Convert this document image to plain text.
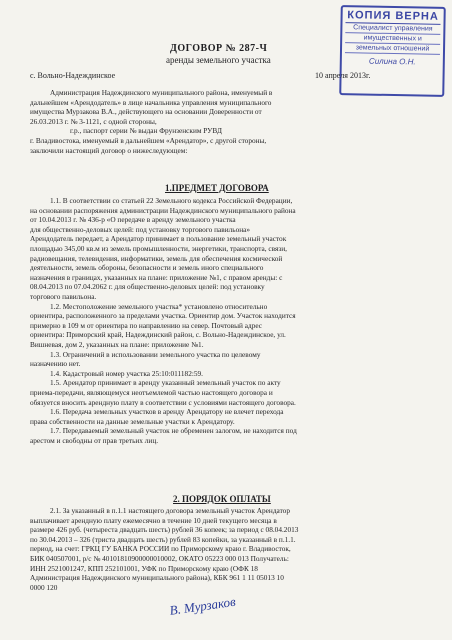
КОПИЯ ВЕРНА
Специалист управления
имущественных и
земельных отношений
Силина О.Н.
ДОГОВОР № 287-Ч
аренды земельного участка
с. Вольно-Надеждинское	10 апреля 2013г.
Администрация Надеждинского муниципального района, именуемый в
дальнейшем «Арендодатель» в лице начальника управления муниципального
имущества Мурзакова В.А., действующего на основании Доверенности от
26.03.2013 г. № 3-1121, с одной стороны,
г.р., паспорт серии № выдан Фрунзенским РУВД
г. Владивостока, именуемый в дальнейшем «Арендатор», с другой стороны,
заключили настоящий договор о нижеследующем:
1.ПРЕДМЕТ ДОГОВОРА
1.1. В соответствии со статьей 22 Земельного кодекса Российской Федерации,
на основании распоряжения администрации Надеждинского муниципального района
от 10.04.2013 г. № 436-р «О передаче в аренду земельного участка
для общественно-деловых целей: под установку торгового павильона»
Арендодатель передает, а Арендатор принимает в пользование земельный участок
площадью 345,00 кв.м из земель промышленности, энергетики, транспорта, связи,
радиовещания, телевидения, информатики, земель для обеспечения космической
деятельности, земель обороны, безопасности и земель иного специального
назначения в границах, указанных на плане: приложение №1, с правом аренды: с
08.04.2013 по 07.04.2062 г. для общественно-деловых целей: под установку
торгового павильона.
1.2. Местоположение земельного участка* установлено относительно
ориентира, расположенного за пределами участка. Ориентир дом. Участок находится
примерно в 109 м от ориентира по направлению на север. Почтовый адрес
ориентира: Приморский край, Надеждинский район, с. Вольно-Надеждинское, ул.
Вишневая, дом 2, указанных на плане: приложение №1.
1.3. Ограничений в использовании земельного участка по целевому
назначению нет.
1.4. Кадастровый номер участка 25:10:011182:59.
1.5. Арендатор принимает в аренду указанный земельный участок по акту
приема-передачи, являющемуся неотъемлемой частью настоящего договора и
обязуется вносить арендную плату в соответствии с условиями настоящего договора.
1.6. Передача земельных участков в аренду Арендатору не влечет перехода
права собственности на данные земельные участки к Арендатору.
1.7. Передаваемый земельный участок не обременен залогом, не находится под
арестом и свободны от прав третьих лиц.
2. ПОРЯДОК ОПЛАТЫ
2.1. За указанный в п.1.1 настоящего договора земельный участок Арендатор
выплачивает арендную плату ежемесячно в течение 10 дней текущего месяца в
размере 426 руб. (четыреста двадцать шесть) рублей 36 копеек; за период с 08.04.2013
по 30.04.2013 – 326 (триста двадцать шесть) рублей 83 копейки, за указанный в п.1.1.
период, на счет: ГРКЦ ГУ БАНКА РОССИИ по Приморскому краю г. Владивосток,
БИК 040507001, р/с № 40101810900000010002, ОКАТО 05223 000 013 Получатель:
ИНН 2521001247, КПП 252101001, УФК по Приморскому краю (ОФК 18
Администрация Надеждинского муниципального района), КБК 961 1 11 05013 10
0000 120
В. Мурзаков
